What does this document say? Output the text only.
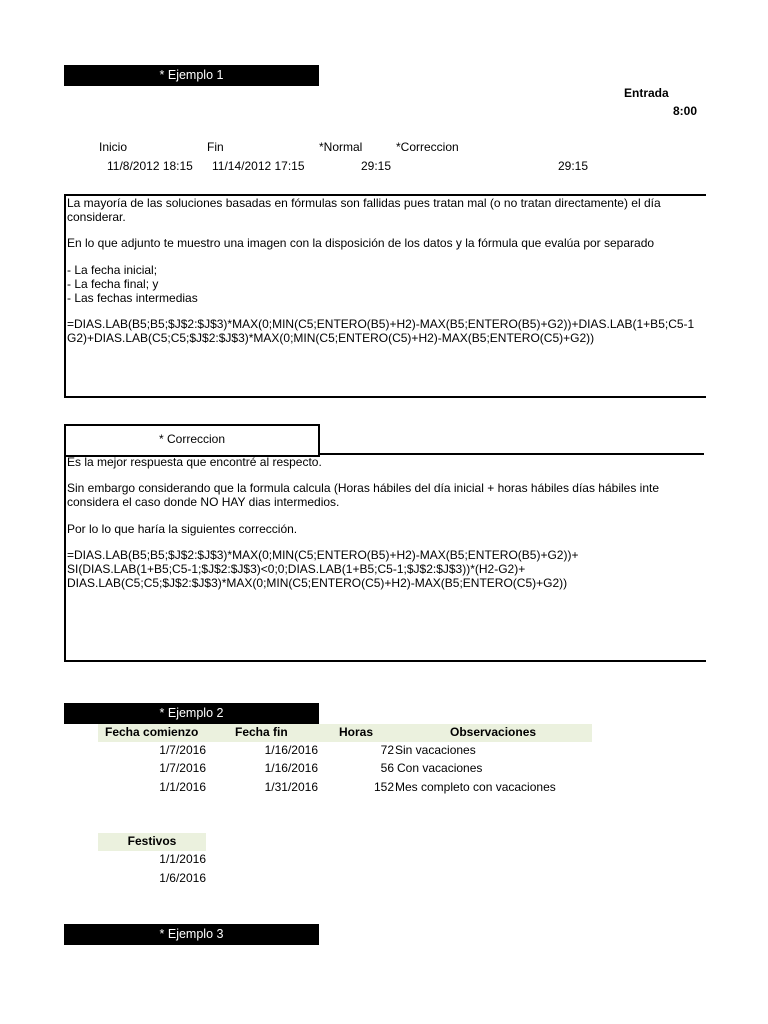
* Ejemplo 1
Entrada
8:00
Inicio	Fin	*Normal	*Correccion
11/8/2012 18:15 11/14/2012 17:15	29:15	29:15
La mayoría de las soluciones basadas en fórmulas son fallidas pues tratan mal (o no tratan directamente) el día
considerar.
En lo que adjunto te muestro una imagen con la disposición de los datos y la fórmula que evalúa por separado
- La fecha inicial;
- La fecha final; y
- Las fechas intermedias
=DIAS.LAB(B5;B5;$J$2:$J$3)*MAX(0;MIN(C5;ENTERO(B5)+H2)-MAX(B5;ENTERO(B5)+G2))+DIAS.LAB(1+B5;C5-1
G2)+DIAS.LAB(C5;C5;$J$2:$J$3)*MAX(0;MIN(C5;ENTERO(C5)+H2)-MAX(B5;ENTERO(C5)+G2))
* Correccion
Es la mejor respuesta que encontré al respecto.
Sin embargo considerando que la formula calcula (Horas hábiles del día inicial + horas hábiles días hábiles inte
considera el caso donde NO HAY dias intermedios.
Por lo lo que haría la siguientes corrección.
=DIAS.LAB(B5;B5;$J$2:$J$3)*MAX(0;MIN(C5;ENTERO(B5)+H2)-MAX(B5;ENTERO(B5)+G2))+
SI(DIAS.LAB(1+B5;C5-1;$J$2:$J$3)<0;0;DIAS.LAB(1+B5;C5-1;$J$2:$J$3))*(H2-G2)+
DIAS.LAB(C5;C5;$J$2:$J$3)*MAX(0;MIN(C5;ENTERO(C5)+H2)-MAX(B5;ENTERO(C5)+G2))
* Ejemplo 2
Fecha comienzo	Fecha fin	Horas	Observaciones
1/7/2016	1/16/2016	72 Sin vacaciones
1/7/2016	1/16/2016	56 Con vacaciones
1/1/2016	1/31/2016	152 Mes completo con vacaciones
Festivos
1/1/2016
1/6/2016
* Ejemplo 3
